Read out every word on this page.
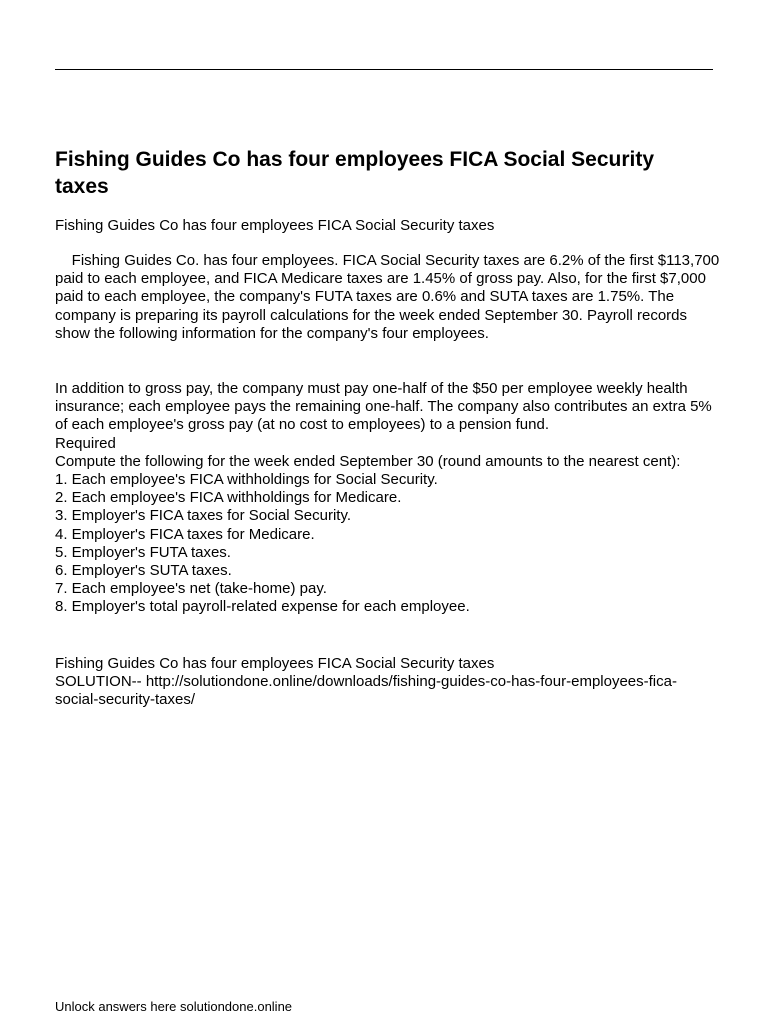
Fishing Guides Co has four employees FICA Social Security taxes

Fishing Guides Co has four employees FICA Social Security taxes

Fishing Guides Co. has four employees. FICA Social Security taxes are 6.2% of the first $113,700 paid to each employee, and FICA Medicare taxes are 1.45% of gross pay. Also, for the first $7,000 paid to each employee, the company's FUTA taxes are 0.6% and SUTA taxes are 1.75%. The company is preparing its payroll calculations for the week ended September 30. Payroll records show the following information for the company's four employees.

In addition to gross pay, the company must pay one-half of the $50 per employee weekly health insurance; each employee pays the remaining one-half. The company also contributes an extra 5% of each employee's gross pay (at no cost to employees) to a pension fund.

Required

Compute the following for the week ended September 30 (round amounts to the nearest cent):

1. Each employee's FICA withholdings for Social Security.
2. Each employee's FICA withholdings for Medicare.
3. Employer's FICA taxes for Social Security.
4. Employer's FICA taxes for Medicare.
5. Employer's FUTA taxes.
6. Employer's SUTA taxes.
7. Each employee's net (take-home) pay.
8. Employer's total payroll-related expense for each employee.

Fishing Guides Co has four employees FICA Social Security taxes

SOLUTION-- http://solutiondone.online/downloads/fishing-guides-co-has-four-employees-fica-social-security-taxes/

Unlock answers here solutiondone.online
